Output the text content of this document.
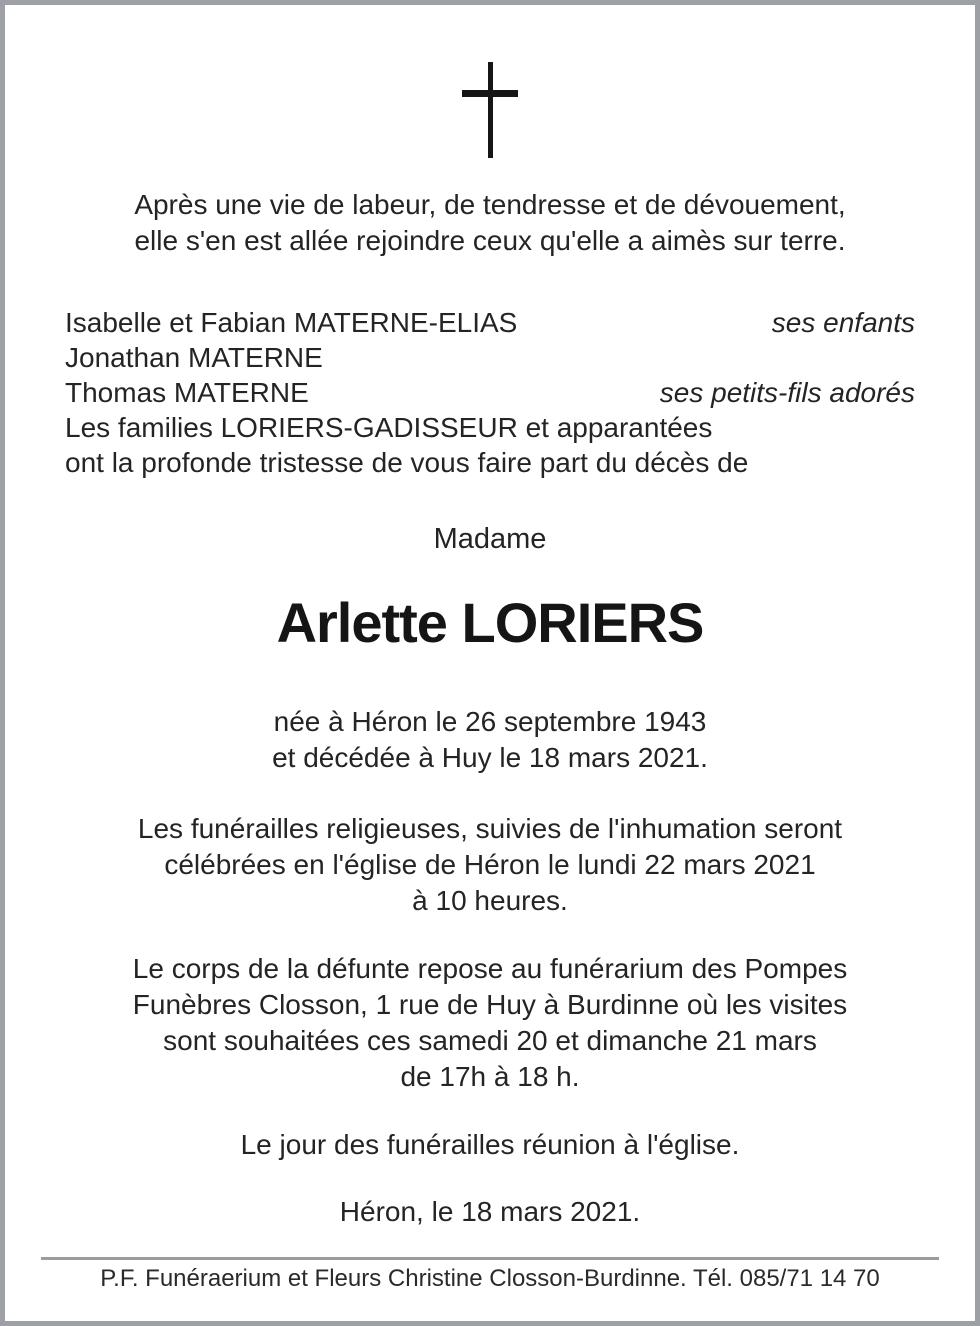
Après une vie de labeur, de tendresse et de dévouement,
elle s'en est allée rejoindre ceux qu'elle a aimès sur terre.
Isabelle et Fabian MATERNE-ELIAS	ses enfants
Jonathan MATERNE
Thomas MATERNE	ses petits-fils adorés
Les families LORIERS-GADISSEUR et apparantées
ont la profonde tristesse de vous faire part du décès de
Madame
Arlette LORIERS
née à Héron le 26 septembre 1943
et décédée à Huy le 18 mars 2021.
Les funérailles religieuses, suivies de l'inhumation seront
célébrées en l'église de Héron le lundi 22 mars 2021
à 10 heures.
Le corps de la défunte repose au funérarium des Pompes
Funèbres Closson, 1 rue de Huy à Burdinne où les visites
sont souhaitées ces samedi 20 et dimanche 21 mars
de 17h à 18 h.
Le jour des funérailles réunion à l'église.
Héron, le 18 mars 2021.
P.F. Funéraerium et Fleurs Christine Closson-Burdinne. Tél. 085/71 14 70
